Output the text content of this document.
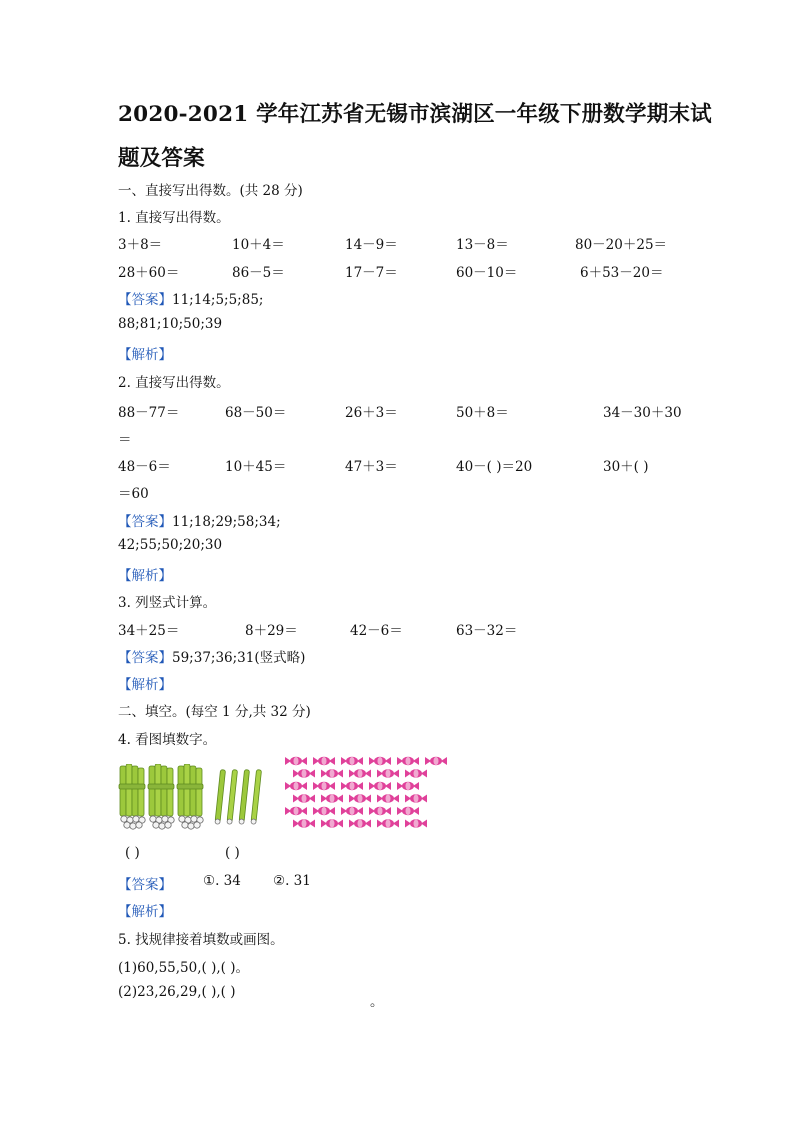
2020-2021 学年江苏省无锡市滨湖区一年级下册数学期末试
题及答案
一、直接写出得数。(共 28 分)
1. 直接写出得数。
3＋8＝	10＋4＝	14－9＝	13－8＝	80－20＋25＝
28＋60＝	86－5＝	17－7＝	60－10＝	6＋53－20＝
【答案】11;14;5;5;85;
88;81;10;50;39
【解析】
2. 直接写出得数。
88－77＝	68－50＝	26＋3＝	50＋8＝	34－30＋30
＝
48－6＝	10＋45＝	47＋3＝	40－( )＝20	30＋( )
＝60
【答案】11;18;29;58;34;
42;55;50;20;30
【解析】
3. 列竖式计算。
34＋25＝	8＋29＝	42－6＝	63－32＝
【答案】59;37;36;31(竖式略)
【解析】
二、填空。(每空 1 分,共 32 分)
4. 看图填数字。
( )	( )
【答案】 ①. 34 ②. 31
【解析】
5. 找规律接着填数或画图。
(1)60,55,50,( ),( )。
(2)23,26,29,( ),( )
。
